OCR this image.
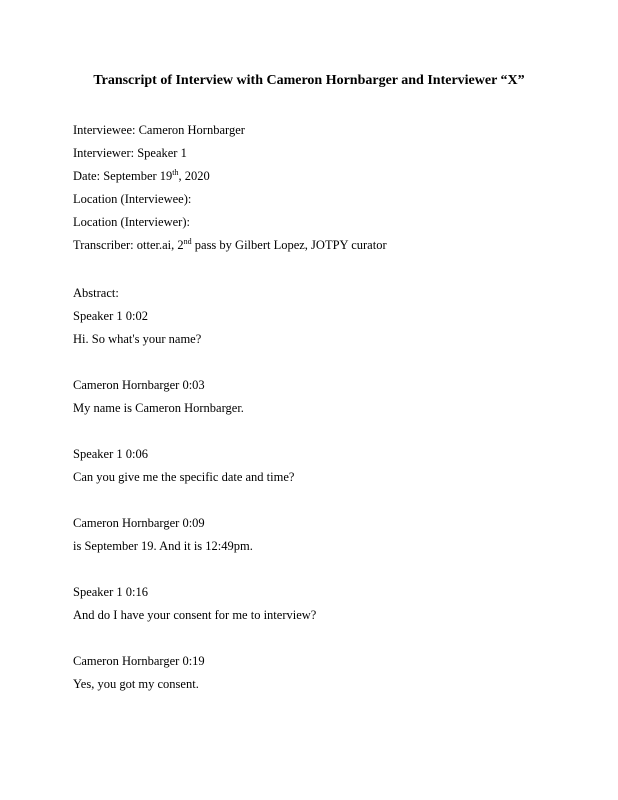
Transcript of Interview with Cameron Hornbarger and Interviewer “X”

Interviewee: Cameron Hornbarger

Interviewer: Speaker 1

Date: September 19th, 2020

Location (Interviewee):

Location (Interviewer):

Transcriber: otter.ai, 2nd pass by Gilbert Lopez, JOTPY curator

Abstract:

Speaker 1 0:02

Hi. So what's your name?

Cameron Hornbarger 0:03

My name is Cameron Hornbarger.

Speaker 1 0:06

Can you give me the specific date and time?

Cameron Hornbarger 0:09

is September 19. And it is 12:49pm.

Speaker 1 0:16

And do I have your consent for me to interview?

Cameron Hornbarger 0:19

Yes, you got my consent.
